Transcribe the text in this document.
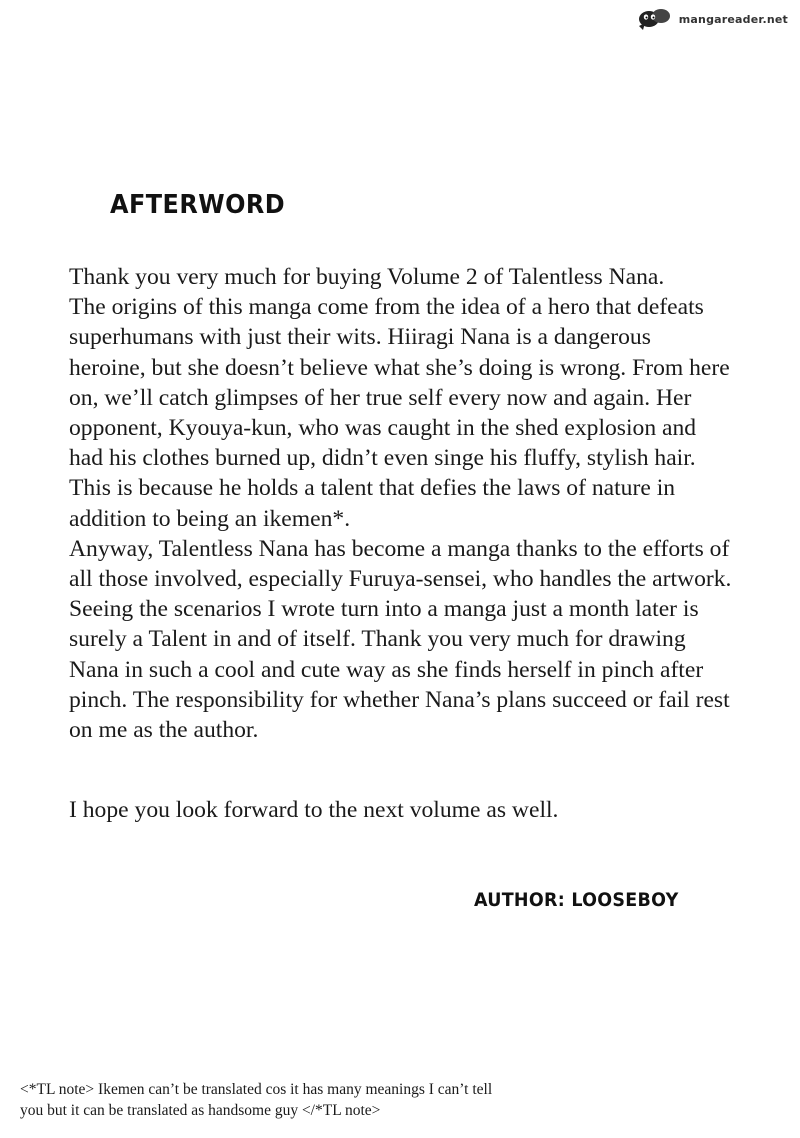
mangareader.net
AFTERWORD
Thank you very much for buying Volume 2 of Talentless Nana.
The origins of this manga come from the idea of a hero that defeats
superhumans with just their wits. Hiiragi Nana is a dangerous
heroine, but she doesn’t believe what she’s doing is wrong. From here
on, we’ll catch glimpses of her true self every now and again. Her
opponent, Kyouya-kun, who was caught in the shed explosion and
had his clothes burned up, didn’t even singe his fluffy, stylish hair.
This is because he holds a talent that defies the laws of nature in
addition to being an ikemen*.
Anyway, Talentless Nana has become a manga thanks to the efforts of
all those involved, especially Furuya-sensei, who handles the artwork.
Seeing the scenarios I wrote turn into a manga just a month later is
surely a Talent in and of itself. Thank you very much for drawing
Nana in such a cool and cute way as she finds herself in pinch after
pinch. The responsibility for whether Nana’s plans succeed or fail rest
on me as the author.
I hope you look forward to the next volume as well.
AUTHOR: LOOSEBOY
<*TL note> Ikemen can’t be translated cos it has many meanings I can’t tell
you but it can be translated as handsome guy </*TL note>
